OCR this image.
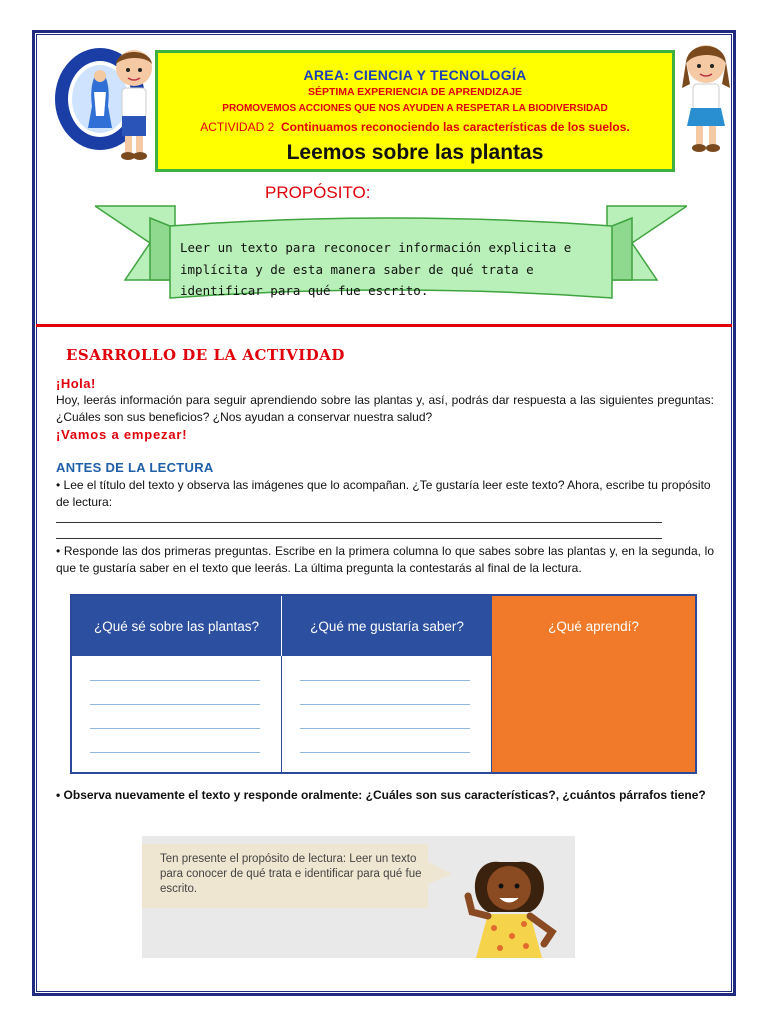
AREA: CIENCIA Y TECNOLOGÍA
SÉPTIMA EXPERIENCIA DE APRENDIZAJE
PROMOVEMOS ACCIONES QUE NOS AYUDEN A RESPETAR LA BIODIVERSIDAD
ACTIVIDAD 2 Continuamos reconociendo las características de los suelos.
Leemos sobre las plantas
PROPÓSITO:
Leer un texto para reconocer información explicita e implícita y de esta manera saber de qué trata e identificar para qué fue escrito.
ESARROLLO DE LA ACTIVIDAD
¡Hola!
Hoy, leerás información para seguir aprendiendo sobre las plantas y, así, podrás dar respuesta a las siguientes preguntas: ¿Cuáles son sus beneficios? ¿Nos ayudan a conservar nuestra salud?
¡Vamos a empezar!
ANTES DE LA LECTURA
• Lee el título del texto y observa las imágenes que lo acompañan. ¿Te gustaría leer este texto? Ahora, escribe tu propósito de lectura:
• Responde las dos primeras preguntas. Escribe en la primera columna lo que sabes sobre las plantas y, en la segunda, lo que te gustaría saber en el texto que leerás. La última pregunta la contestarás al final de la lectura.
¿Qué sé sobre las plantas?	¿Qué me gustaría saber?	¿Qué aprendí?
• Observa nuevamente el texto y responde oralmente: ¿Cuáles son sus características?, ¿cuántos párrafos tiene?
Ten presente el propósito de lectura: Leer un texto para conocer de qué trata e identificar para qué fue escrito.
